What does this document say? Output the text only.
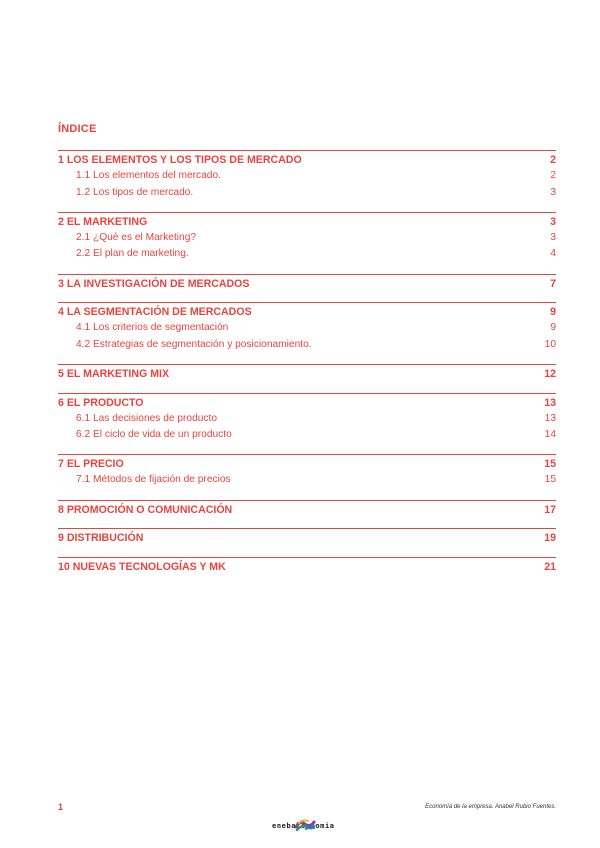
ÍNDICE
1 LOS ELEMENTOS Y LOS TIPOS DE MERCADO	2
1.1 Los elementos del mercado.	2
1.2 Los tipos de mercado.	3
2 EL MARKETING	3
2.1 ¿Qué es el Marketing?	3
2.2 El plan de marketing.	4
3 LA INVESTIGACIÓN DE MERCADOS	7
4 LA SEGMENTACIÓN DE MERCADOS	9
4.1 Los criterios de segmentación	9
4.2 Estrategias de segmentación y posicionamiento.	10
5 EL MARKETING MIX	12
6 EL PRODUCTO	13
6.1 Las decisiones de producto	13
6.2 El ciclo de vida de un producto	14
7 EL PRECIO	15
7.1 Métodos de fijación de precios	15
8 PROMOCIÓN O COMUNICACIÓN	17
9 DISTRIBUCIÓN	19
10 NUEVAS TECNOLOGÍAS Y MK	21
1	Economía de la empresa. Anabel Rubio Fuentes.
enebalconomía
